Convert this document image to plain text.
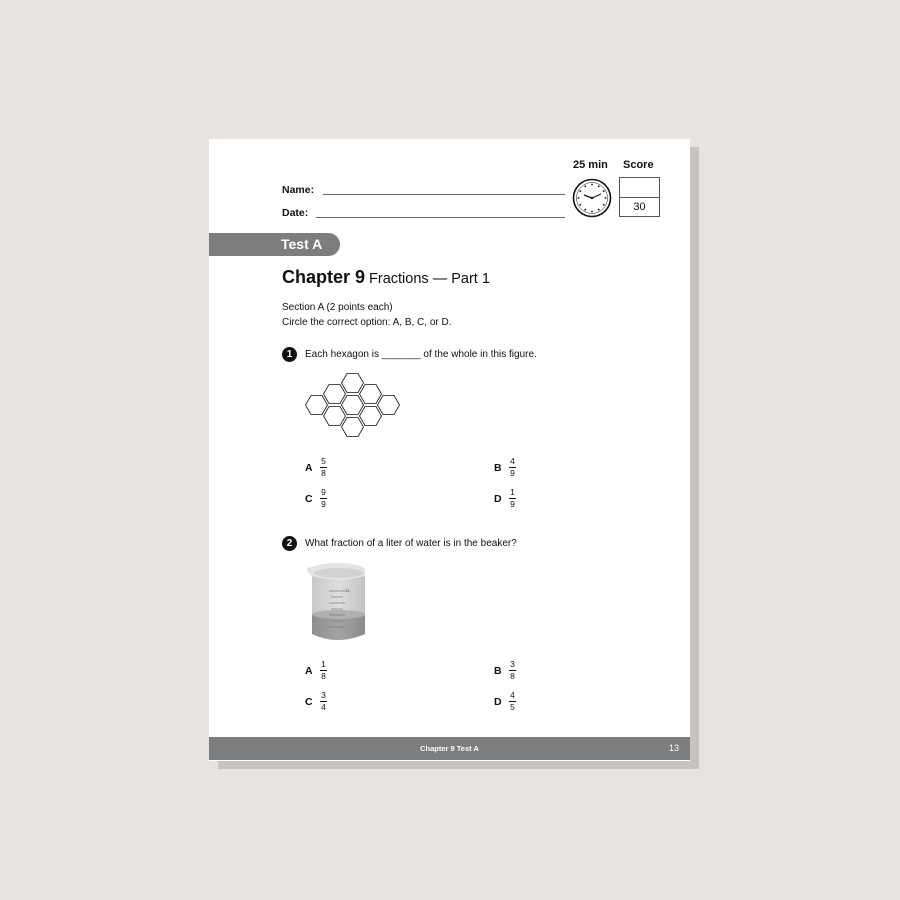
25 min Score
30
Name:
Date:
Test A
Chapter 9 Fractions — Part 1
Section A (2 points each)
Circle the correct option: A, B, C, or D.
1	Each hexagon is _______ of the whole in this figure.
A $\frac{5}{8}$	B $\frac{4}{9}$
C $\frac{9}{9}$	D $\frac{1}{9}$
2	What fraction of a liter of water is in the beaker?
1L
A $\frac{1}{8}$	B $\frac{3}{8}$
C $\frac{3}{4}$	D $\frac{4}{5}$
Chapter 9 Test A	13
